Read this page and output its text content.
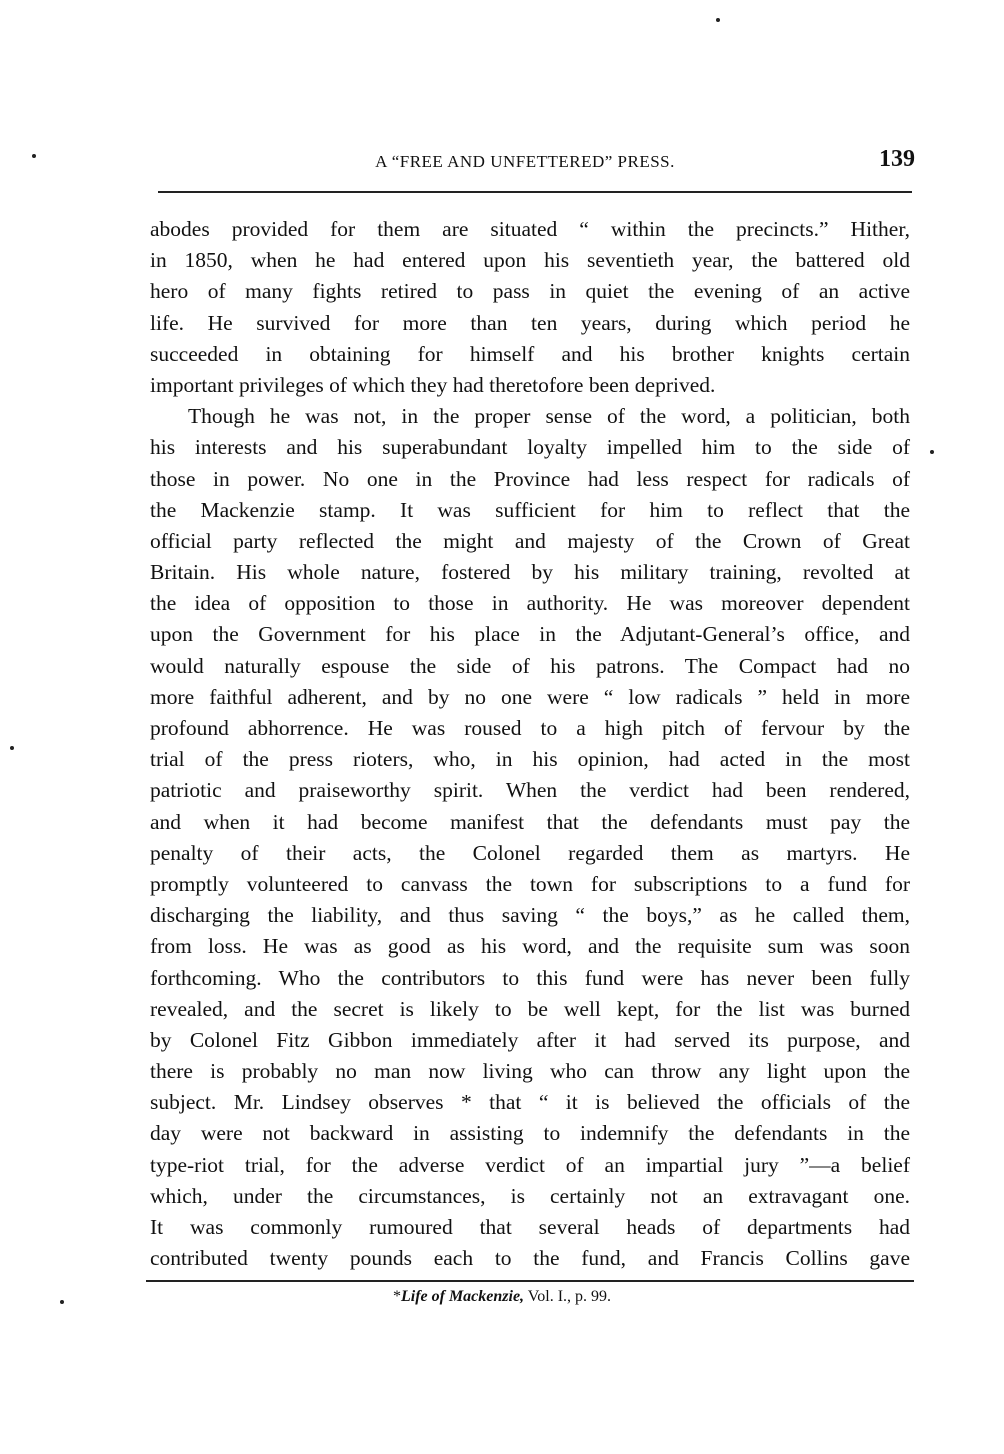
A “FREE AND UNFETTERED” PRESS.	139
abodes provided for them are situated “ within the precincts.” Hither,
in 1850, when he had entered upon his seventieth year, the battered old
hero of many fights retired to pass in quiet the evening of an active
life. He survived for more than ten years, during which period he
succeeded in obtaining for himself and his brother knights certain
important privileges of which they had theretofore been deprived.
Though he was not, in the proper sense of the word, a politician, both
his interests and his superabundant loyalty impelled him to the side of
those in power. No one in the Province had less respect for radicals of
the Mackenzie stamp. It was sufficient for him to reflect that the
official party reflected the might and majesty of the Crown of Great
Britain. His whole nature, fostered by his military training, revolted at
the idea of opposition to those in authority. He was moreover dependent
upon the Government for his place in the Adjutant-General’s office, and
would naturally espouse the side of his patrons. The Compact had no
more faithful adherent, and by no one were “ low radicals ” held in more
profound abhorrence. He was roused to a high pitch of fervour by the
trial of the press rioters, who, in his opinion, had acted in the most
patriotic and praiseworthy spirit. When the verdict had been rendered,
and when it had become manifest that the defendants must pay the
penalty of their acts, the Colonel regarded them as martyrs. He
promptly volunteered to canvass the town for subscriptions to a fund for
discharging the liability, and thus saving “ the boys,” as he called them,
from loss. He was as good as his word, and the requisite sum was soon
forthcoming. Who the contributors to this fund were has never been fully
revealed, and the secret is likely to be well kept, for the list was burned
by Colonel Fitz Gibbon immediately after it had served its purpose, and
there is probably no man now living who can throw any light upon the
subject. Mr. Lindsey observes * that “ it is believed the officials of the
day were not backward in assisting to indemnify the defendants in the
type-riot trial, for the adverse verdict of an impartial jury ”—a belief
which, under the circumstances, is certainly not an extravagant one.
It was commonly rumoured that several heads of departments had
contributed twenty pounds each to the fund, and Francis Collins gave
*Life of Mackenzie, Vol. I., p. 99.
